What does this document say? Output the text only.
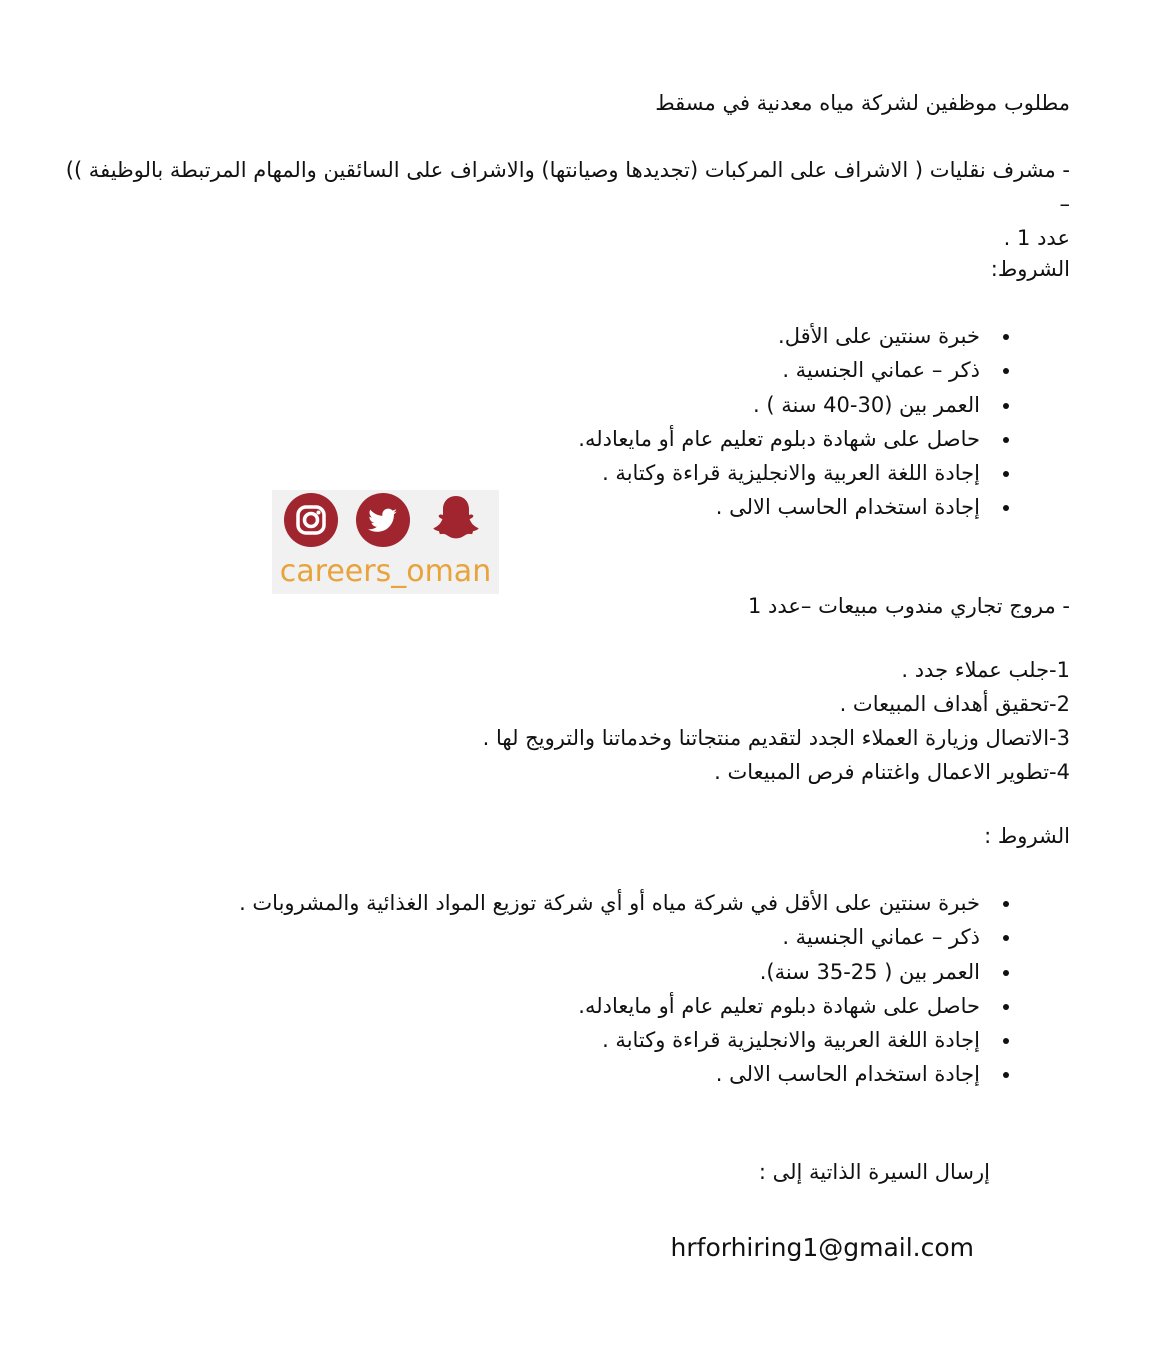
مطلوب موظفين لشركة مياه معدنية في مسقط

- مشرف نقليات ( الاشراف على المركبات (تجديدها وصيانتها) والاشراف على السائقين والمهام المرتبطة بالوظيفة )) –

عدد 1 .

الشروط:
• خبرة سنتين على الأقل.
• ذكر – عماني الجنسية .
• العمر بين (30-40 سنة ) .
• حاصل على شهادة دبلوم تعليم عام أو مايعادله.
• إجادة اللغة العربية والانجليزية قراءة وكتابة .
• إجادة استخدام الحاسب الالى .
careers_oman
- مروج تجاري مندوب مبيعات –عدد 1
1-جلب عملاء جدد .
2-تحقيق أهداف المبيعات .
3-الاتصال وزيارة العملاء الجدد لتقديم منتجاتنا وخدماتنا والترويج لها .
4-تطوير الاعمال واغتنام فرص المبيعات .
الشروط :
• خبرة سنتين على الأقل في شركة مياه أو أي شركة توزيع المواد الغذائية والمشروبات .
• ذكر – عماني الجنسية .
• العمر بين ( 25-35 سنة).
• حاصل على شهادة دبلوم تعليم عام أو مايعادله.
• إجادة اللغة العربية والانجليزية قراءة وكتابة .
• إجادة استخدام الحاسب الالى .
إرسال السيرة الذاتية إلى :
hrforhiring1@gmail.com
